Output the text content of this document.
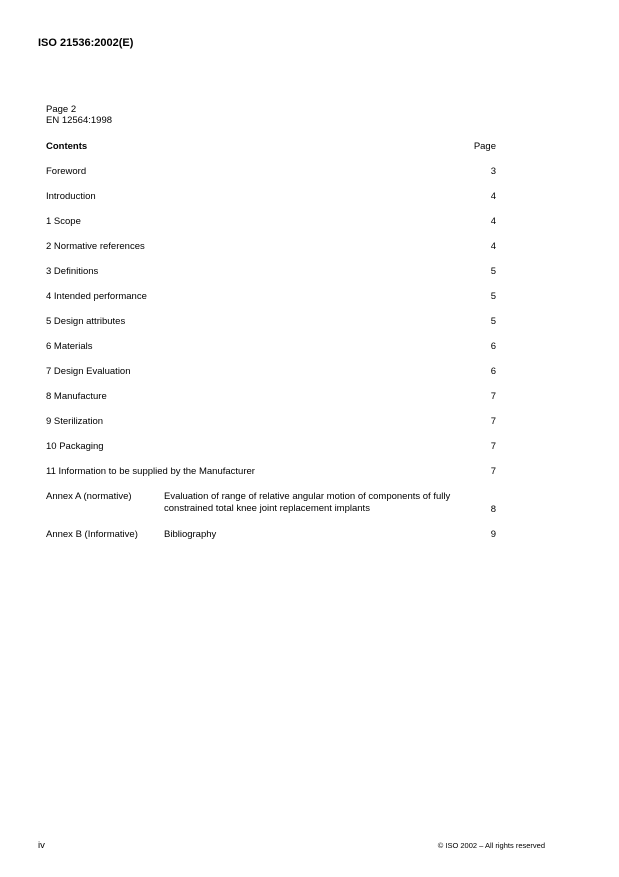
ISO 21536:2002(E)
Page 2
EN 12564:1998
Contents	Page
Foreword	3
Introduction	4
1 Scope	4
2 Normative references	4
3 Definitions	5
4 Intended performance	5
5 Design attributes	5
6 Materials	6
7 Design Evaluation	6
8 Manufacture	7
9 Sterilization	7
10 Packaging	7
11 Information to be supplied by the Manufacturer	7
Annex A (normative)	Evaluation of range of relative angular motion of components of fully constrained total knee joint replacement implants	8
Annex B (Informative)	Bibliography	9
iv	© ISO 2002 – All rights reserved
